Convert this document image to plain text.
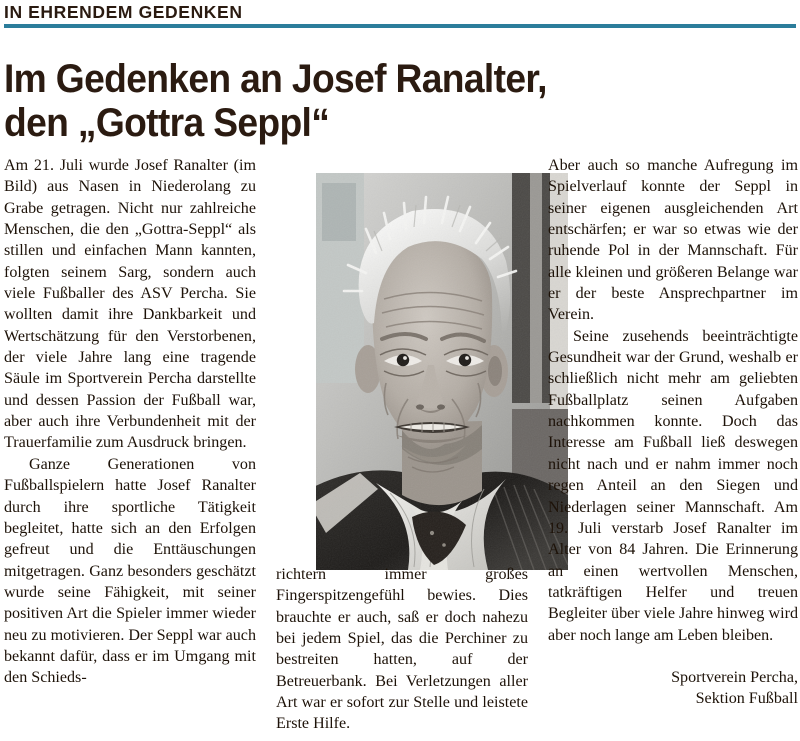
IN EHRENDEM GEDENKEN
Im Gedenken an Josef Ranalter,
den „Gottra Seppl“

Am 21. Juli wurde Josef Ranalter (im Bild) aus Nasen in Niederolang zu Grabe getragen. Nicht nur zahlreiche Menschen, die den „Gottra-Seppl“ als stillen und einfachen Mann kannten, folgten seinem Sarg, sondern auch viele Fußballer des ASV Percha. Sie wollten damit ihre Dankbarkeit und Wertschätzung für den Verstorbenen, der viele Jahre lang eine tragende Säule im Sportverein Percha darstellte und dessen Passion der Fußball war, aber auch ihre Verbundenheit mit der Trauerfamilie zum Ausdruck bringen.

Ganze Generationen von Fußballspielern hatte Josef Ranalter durch ihre sportliche Tätigkeit begleitet, hatte sich an den Erfolgen gefreut und die Enttäuschungen mitgetragen. Ganz besonders geschätzt wurde seine Fähigkeit, mit seiner positiven Art die Spieler immer wieder neu zu motivieren. Der Seppl war auch bekannt dafür, dass er im Umgang mit den Schieds-

richtern immer großes Fingerspitzengefühl bewies. Dies brauchte er auch, saß er doch nahezu bei jedem Spiel, das die Perchiner zu bestreiten hatten, auf der Betreuerbank. Bei Verletzungen aller Art war er sofort zur Stelle und leistete Erste Hilfe.

Aber auch so manche Aufregung im Spielverlauf konnte der Seppl in seiner eigenen ausgleichenden Art entschärfen; er war so etwas wie der ruhende Pol in der Mannschaft. Für alle kleinen und größeren Belange war er der beste Ansprechpartner im Verein.

Seine zusehends beeinträchtigte Gesundheit war der Grund, weshalb er schließlich nicht mehr am geliebten Fußballplatz seinen Aufgaben nachkommen konnte. Doch das Interesse am Fußball ließ deswegen nicht nach und er nahm immer noch regen Anteil an den Siegen und Niederlagen seiner Mannschaft. Am 19. Juli verstarb Josef Ranalter im Alter von 84 Jahren. Die Erinnerung an einen wertvollen Menschen, tatkräftigen Helfer und treuen Begleiter über viele Jahre hinweg wird aber noch lange am Leben bleiben.

Sportverein Percha,

Sektion Fußball
